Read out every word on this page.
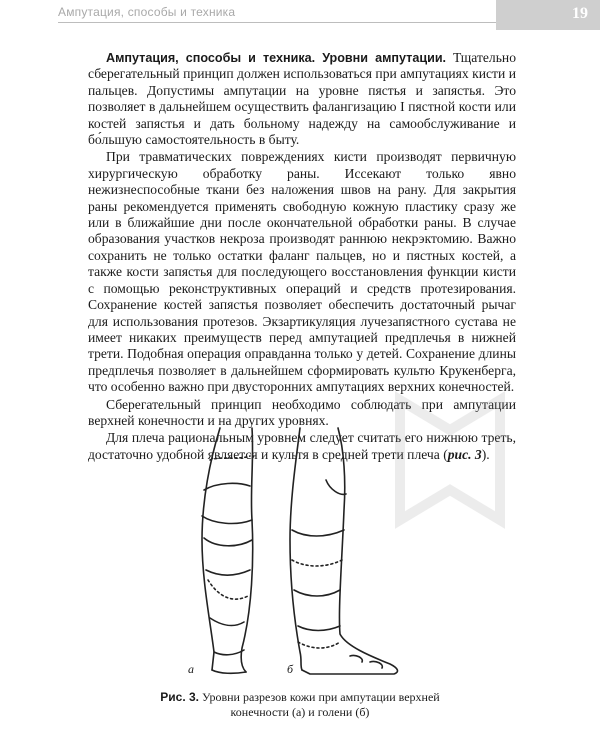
Ампутация, способы и техника	19

Ампутация, способы и техника. Уровни ампутации. Тщательно сберегательный принцип должен использоваться при ампутациях кисти и пальцев. Допустимы ампутации на уровне пястья и запястья. Это позволяет в дальнейшем осуществить фалангизацию I пястной кости или костей запястья и дать больному надежду на самообслуживание и бо́льшую самостоятельность в быту.

При травматических повреждениях кисти производят первичную хирургическую обработку раны. Иссекают только явно нежизнеспособные ткани без наложения швов на рану. Для закрытия раны рекомендуется применять свободную кожную пластику сразу же или в ближайшие дни после окончательной обработки раны. В случае образования участков некроза производят раннюю некрэктомию. Важно сохранить не только остатки фаланг пальцев, но и пястных костей, а также кости запястья для последующего восстановления функции кисти с помощью реконструктивных операций и средств протезирования. Сохранение костей запястья позволяет обеспечить достаточный рычаг для использования протезов. Экзартикуляция лучезапястного сустава не имеет никаких преимуществ перед ампутацией предплечья в нижней трети. Подобная операция оправданна только у детей. Сохранение длины предплечья позволяет в дальнейшем сформировать культю Крукенберга, что особенно важно при двусторонних ампутациях верхних конечностей.

Сберегательный принцип необходимо соблюдать при ампутации верхней конечности и на других уровнях.

Для плеча рациональным уровнем следует считать его нижнюю треть, достаточно удобной является и культя в средней трети плеча (рис. 3).

а	б
Рис. 3. Уровни разрезов кожи при ампутации верхней конечности (а) и голени (б)
